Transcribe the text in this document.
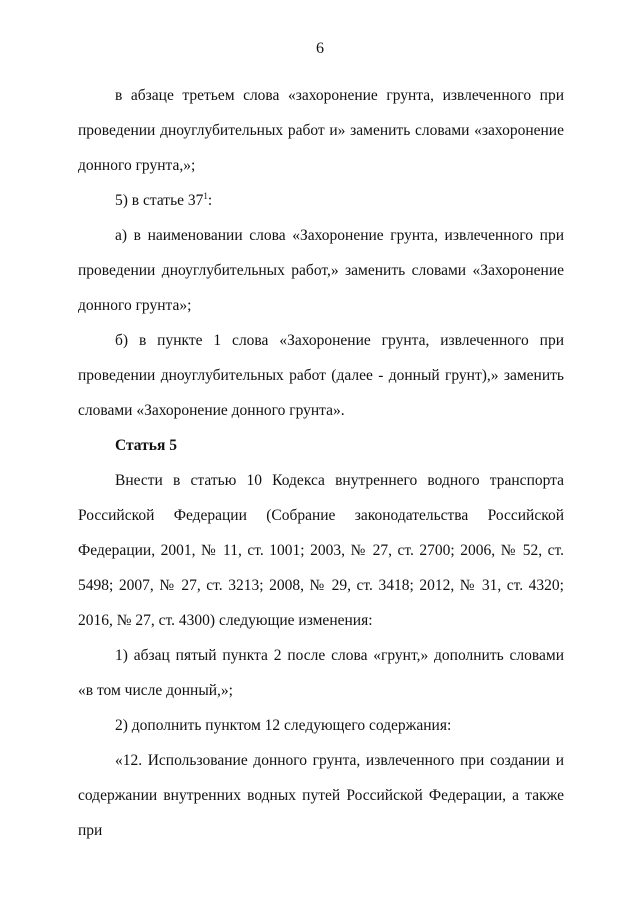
6

в абзаце третьем слова «захоронение грунта, извлеченного при проведении дноуглубительных работ и» заменить словами «захоронение донного грунта,»;

5) в статье $37^1$:

а) в наименовании слова «Захоронение грунта, извлеченного при проведении дноуглубительных работ,» заменить словами «Захоронение донного грунта»;

б) в пункте 1 слова «Захоронение грунта, извлеченного при проведении дноуглубительных работ (далее - донный грунт),» заменить словами «Захоронение донного грунта».

Статья 5

Внести в статью 10 Кодекса внутреннего водного транспорта Российской Федерации (Собрание законодательства Российской Федерации, 2001, № 11, ст. 1001; 2003, № 27, ст. 2700; 2006, № 52, ст. 5498; 2007, № 27, ст. 3213; 2008, № 29, ст. 3418; 2012, № 31, ст. 4320; 2016, № 27, ст. 4300) следующие изменения:

1) абзац пятый пункта 2 после слова «грунт,» дополнить словами «в том числе донный,»;

2) дополнить пунктом 12 следующего содержания:

«12. Использование донного грунта, извлеченного при создании и содержании внутренних водных путей Российской Федерации, а также при
